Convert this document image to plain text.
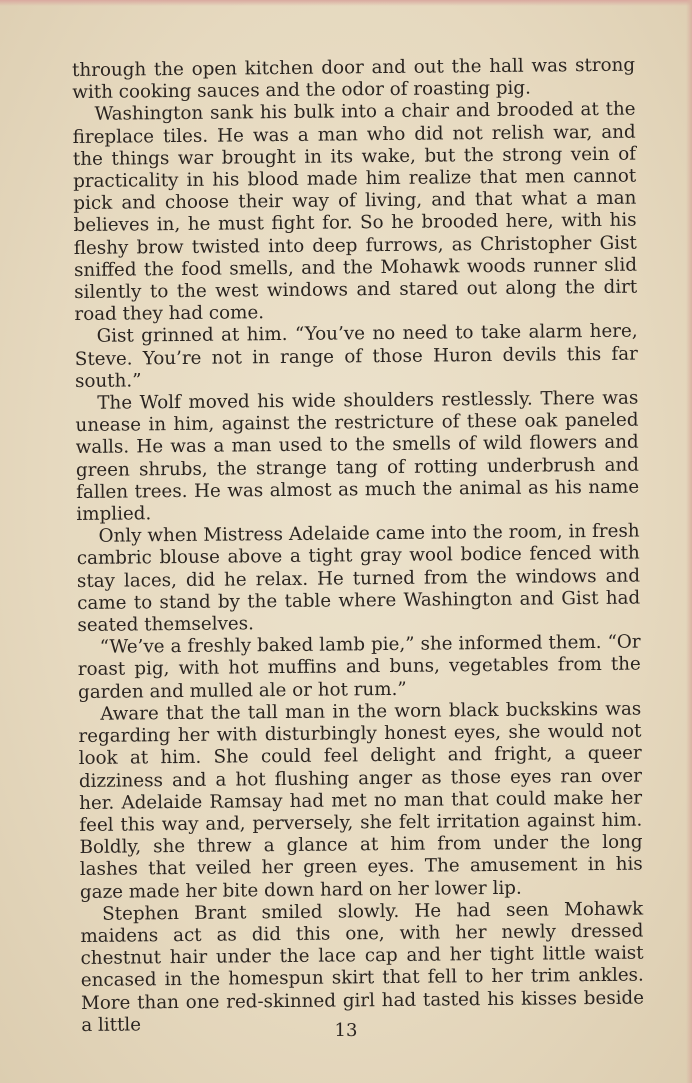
through the open kitchen door and out the hall was strong with cooking sauces and the odor of roasting pig.

Washington sank his bulk into a chair and brooded at the fireplace tiles. He was a man who did not relish war, and the things war brought in its wake, but the strong vein of practicality in his blood made him realize that men cannot pick and choose their way of living, and that what a man believes in, he must fight for. So he brooded here, with his fleshy brow twisted into deep furrows, as Christopher Gist sniffed the food smells, and the Mohawk woods runner slid silently to the west windows and stared out along the dirt road they had come.

Gist grinned at him. “You’ve no need to take alarm here, Steve. You’re not in range of those Huron devils this far south.”

The Wolf moved his wide shoulders restlessly. There was unease in him, against the restricture of these oak paneled walls. He was a man used to the smells of wild flowers and green shrubs, the strange tang of rotting underbrush and fallen trees. He was almost as much the animal as his name implied.

Only when Mistress Adelaide came into the room, in fresh cambric blouse above a tight gray wool bodice fenced with stay laces, did he relax. He turned from the windows and came to stand by the table where Washington and Gist had seated themselves.

“We’ve a freshly baked lamb pie,” she informed them. “Or roast pig, with hot muffins and buns, vegetables from the garden and mulled ale or hot rum.”

Aware that the tall man in the worn black buckskins was regarding her with disturbingly honest eyes, she would not look at him. She could feel delight and fright, a queer dizziness and a hot flushing anger as those eyes ran over her. Adelaide Ramsay had met no man that could make her feel this way and, perversely, she felt irritation against him. Boldly, she threw a glance at him from under the long lashes that veiled her green eyes. The amusement in his gaze made her bite down hard on her lower lip.

Stephen Brant smiled slowly. He had seen Mohawk maidens act as did this one, with her newly dressed chestnut hair under the lace cap and her tight little waist encased in the homespun skirt that fell to her trim ankles. More than one red-skinned girl had tasted his kisses beside a little	13
